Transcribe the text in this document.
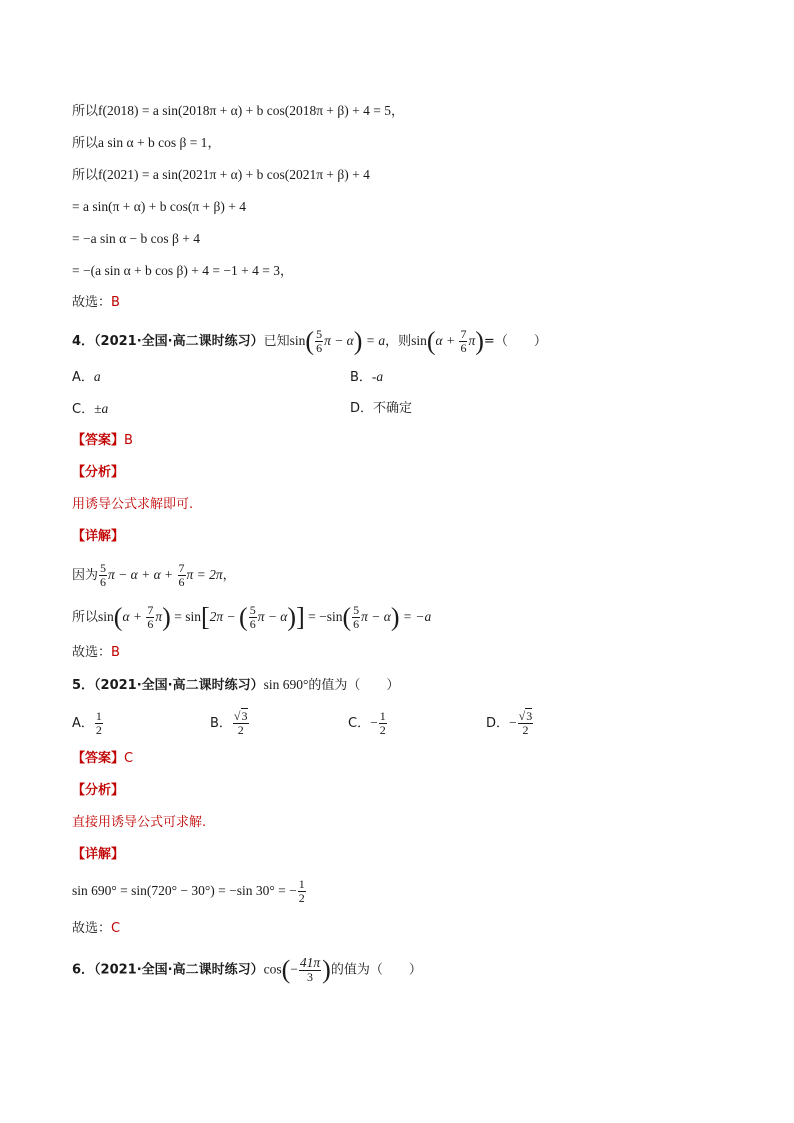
所以f(2018) = a sin(2018π + α) + b cos(2018π + β) + 4 = 5，
所以a sin α + b cos β = 1，
所以f(2021) = a sin(2021π + α) + b cos(2021π + β) + 4
= a sin(π + α) + b cos(π + β) + 4
= −a sin α − b cos β + 4
= −(a sin α + b cos β) + 4 = −1 + 4 = 3，
故选：B
4．（2021·全国·高二课时练习）已知$\sin( \frac{5}{6}$ π − α) = a，则$\sin(\alpha + \frac{7}{6} \pi)=$（　　）
A．a	B．-a
C．±a	D．不确定
【答案】B
【分析】
用诱导公式求解即可.
【详解】
因为 $\frac{5}{6}$ $\pi - \alpha + \alpha + \frac{7}{6}$ π = 2π，
所以$\sin(\alpha + \frac{7}{6} \pi) = \sin[2\pi$ − ( $\frac{5}{6}$ $\pi - \alpha)] = -\sin( \frac{5}{6}$ π − α) = −a
故选：B
5．（2021·全国·高二课时练习）sin 690°的值为（　　）
A． $\frac{1}{2}$	B． $\frac{√3}{2}$	C．− $\frac{1}{2}$	D．− $\frac{√3}{2}$
【答案】C
【分析】
直接用诱导公式可求解.
【详解】
sin 690° = sin(720° − 30°) = −sin 30° = − $\frac{1}{2}$
故选：C
6．（2021·全国·高二课时练习）$\cos(- \frac{41\pi}{3}$ )的值为（　　）
